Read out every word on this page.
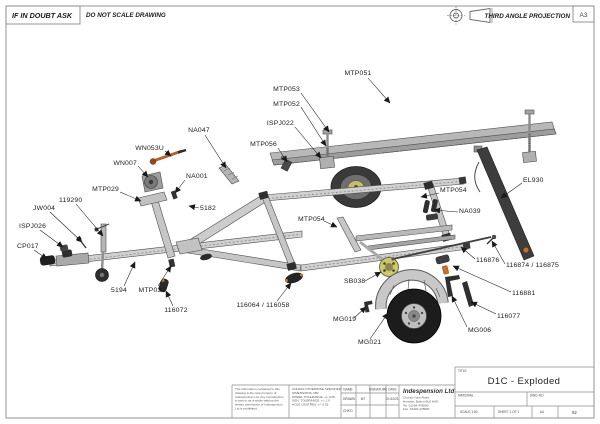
IF IN DOUBT ASK DO NOT SCALE DRAWING	THIRD ANGLE PROJECTION A3
MTP051
MTP053
MTP052
ISPJ022
MTP056
NA047
WN053U
WN007
NA001
MTP029
5182
119290
JW004
ISPJ026
CP017
5194 MTP030
116072
116064 / 116058
MTP054
MTP054
NA039
EL930
116876
116874 / 116875
SB038
116881
116077
MG006
MG019
MG021
The information contained in this drawing is the sole property of Indespension Ltd. Any reproduction in part or as a whole without the written permission of Indespension Ltd is prohibited.
UNLESS OTHERWISE SPECIFIED: DIMENSIONS: MM MODEL TOLERANCE: +/- 0.25 GEN. TOLERANCE: +/- 1.0 HOLE CENTRES: +/- 0.25
NAME	SIGNATURE DATE
DRAWN MT	21/10/21
CHK'D
Indespension Ltd
Chorley New Road, Horwich, Bolton BL6 6HG. Tel. 01204 478000 Fax. 01204 478081
TITLE
D1C - Exploded
MATERIAL	DWG NO.
SCALE 1:50	SHEET 1 OF 1	A4	02
